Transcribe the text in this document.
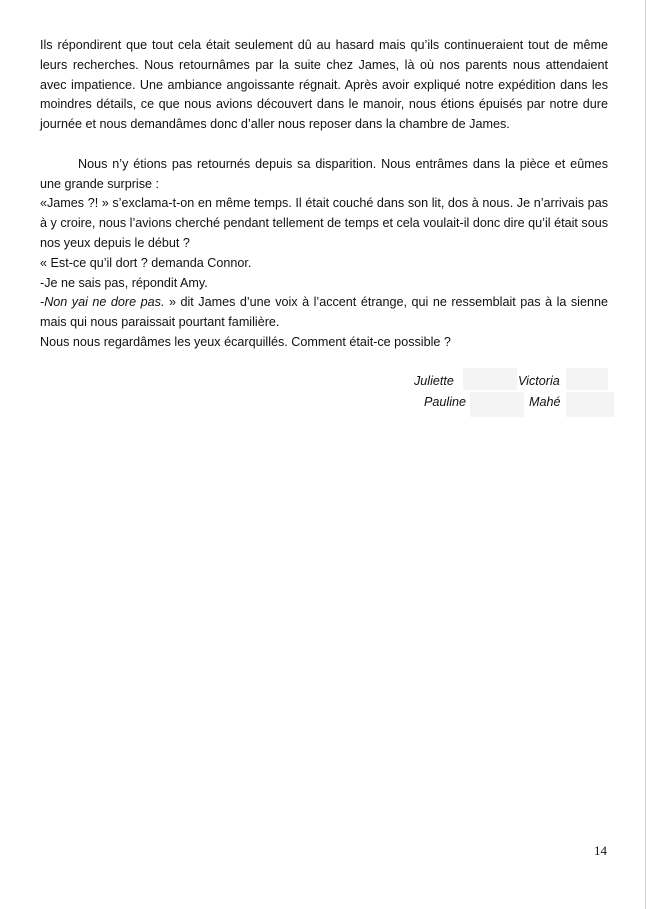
Ils répondirent que tout cela était seulement dû au hasard mais qu’ils continueraient tout de même leurs recherches. Nous retournâmes par la suite chez James, là où nos parents nous attendaient avec impatience. Une ambiance angoissante régnait. Après avoir expliqué notre expédition dans les moindres détails, ce que nous avions découvert dans le manoir, nous étions épuisés par notre dure journée et nous demandâmes donc d’aller nous reposer dans la chambre de James.

Nous n’y étions pas retournés depuis sa disparition. Nous entrâmes dans la pièce et eûmes une grande surprise :

«James ?! » s’exclama-t-on en même temps. Il était couché dans son lit, dos à nous. Je n’arrivais pas à y croire, nous l’avions cherché pendant tellement de temps et cela voulait-il donc dire qu’il était sous nos yeux depuis le début ?

« Est-ce qu’il dort ? demanda Connor.

-Je ne sais pas, répondit Amy.

-Non yai ne dore pas. » dit James d’une voix à l’accent étrange, qui ne ressemblait pas à la sienne mais qui nous paraissait pourtant familière.

Nous nous regardâmes les yeux écarquillés. Comment était-ce possible ?

Juliette	Victoria
Pauline	Mahé
14
